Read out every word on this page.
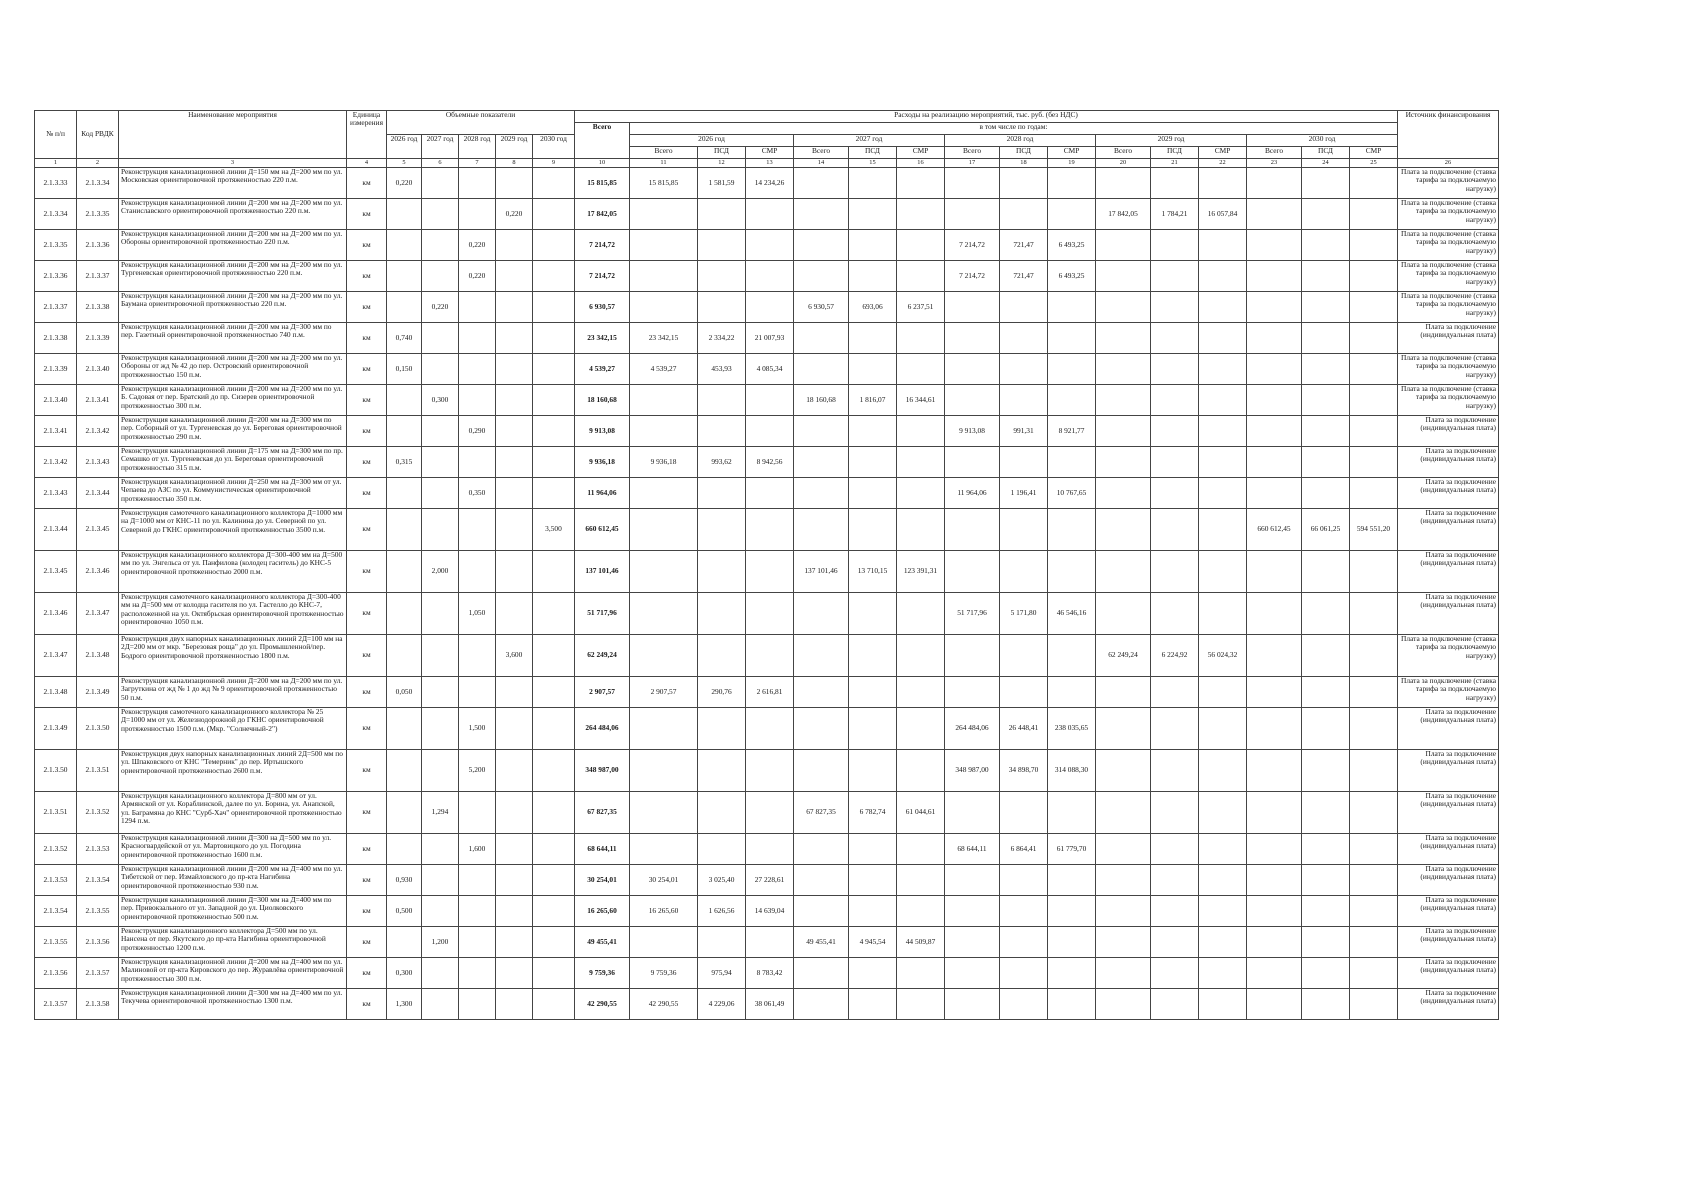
№ п/п	Код РВДК	Наименование мероприятия	Единица измерения	Объемные показатели					Расходы на реализацию мероприятий, тыс. руб. (без НДС)																Источник финансирования
									Всего	в том числе по годам:															
				2026 год	2027 год	2028 год	2029 год	2030 год		2026 год			2027 год			2028 год			2029 год			2030 год			
										Всего	ПСД	СМР	Всего	ПСД	СМР	Всего	ПСД	СМР	Всего	ПСД	СМР	Всего	ПСД	СМР	
1	2	3	4	5	6	7	8	9	10	11	12	13	14	15	16	17	18	19	20	21	22	23	24	25	26
2.1.3.33	2.1.3.34	Реконструкция канализационной линии Д=150 мм на Д=200 мм по ул. Московская ориентировочной протяженностью 220 п.м.	км	0,220					15 815,85	15 815,85	1 581,59	14 234,26													Плата за подключение (ставка тарифа за подключаемую нагрузку)
2.1.3.34	2.1.3.35	Реконструкция канализационной линии Д=200 мм на Д=200 мм по ул. Станиславского ориентировочной протяженностью 220 п.м.	км				0,220		17 842,05										17 842,05	1 784,21	16 057,84				Плата за подключение (ставка тарифа за подключаемую нагрузку)
2.1.3.35	2.1.3.36	Реконструкция канализационной линии Д=200 мм на Д=200 мм по ул. Обороны ориентировочной протяженностью 220 п.м.	км			0,220			7 214,72							7 214,72	721,47	6 493,25							Плата за подключение (ставка тарифа за подключаемую нагрузку)
2.1.3.36	2.1.3.37	Реконструкция канализационной линии Д=200 мм на Д=200 мм по ул. Тургеневская ориентировочной протяженностью 220 п.м.	км			0,220			7 214,72							7 214,72	721,47	6 493,25							Плата за подключение (ставка тарифа за подключаемую нагрузку)
2.1.3.37	2.1.3.38	Реконструкция канализационной линии Д=200 мм на Д=200 мм по ул. Баумана ориентировочной протяженностью 220 п.м.	км		0,220				6 930,57				6 930,57	693,06	6 237,51										Плата за подключение (ставка тарифа за подключаемую нагрузку)
2.1.3.38	2.1.3.39	Реконструкция канализационной линии Д=200 мм на Д=300 мм по пер. Газетный ориентировочной протяженностью 740 п.м.	км	0,740					23 342,15	23 342,15	2 334,22	21 007,93													Плата за подключение (индивидуальная плата)
2.1.3.39	2.1.3.40	Реконструкция канализационной линии Д=200 мм на Д=200 мм по ул. Обороны от жд № 42 до пер. Островский ориентировочной протяженностью 150 п.м.	км	0,150					4 539,27	4 539,27	453,93	4 085,34													Плата за подключение (ставка тарифа за подключаемую нагрузку)
2.1.3.40	2.1.3.41	Реконструкция канализационной линии Д=200 мм на Д=200 мм по ул. Б. Садовая от пер. Братский до пр. Сизерев ориентировочной протяженностью 300 п.м.	км		0,300				18 160,68				18 160,68	1 816,07	16 344,61										Плата за подключение (ставка тарифа за подключаемую нагрузку)
2.1.3.41	2.1.3.42	Реконструкция канализационной линии Д=200 мм на Д=300 мм по пер. Соборный от ул. Тургеневская до ул. Береговая ориентировочной протяженностью 290 п.м.	км			0,290			9 913,08							9 913,08	991,31	8 921,77							Плата за подключение (индивидуальная плата)
2.1.3.42	2.1.3.43	Реконструкция канализационной линии Д=175 мм на Д=300 мм по пр. Семашко от ул. Тургеневская до ул. Береговая ориентировочной протяженностью 315 п.м.	км	0,315					9 936,18	9 936,18	993,62	8 942,56													Плата за подключение (индивидуальная плата)
2.1.3.43	2.1.3.44	Реконструкция канализационной линии Д=250 мм на Д=300 мм от ул. Чепаева до АЗС по ул. Коммунистическая ориентировочной протяженностью 350 п.м.	км			0,350			11 964,06							11 964,06	1 196,41	10 767,65							Плата за подключение (индивидуальная плата)
2.1.3.44	2.1.3.45	Реконструкция самотечного канализационного коллектора Д=1000 мм на Д=1000 мм от КНС-11 по ул. Калинина до ул. Северной по ул. Северной до ГКНС ориентировочной протяженностью 3500 п.м.	км					3,500	660 612,45													660 612,45	66 061,25	594 551,20	Плата за подключение (индивидуальная плата)
2.1.3.45	2.1.3.46	Реконструкция канализационного коллектора Д=300-400 мм на Д=500 мм по ул. Энгельса от ул. Панфилова (колодец гаситель) до КНС-5 ориентировочной протяженностью 2000 п.м.	км		2,000				137 101,46				137 101,46	13 710,15	123 391,31										Плата за подключение (индивидуальная плата)
2.1.3.46	2.1.3.47	Реконструкция самотечного канализационного коллектора Д=300-400 мм на Д=500 мм от колодца гасителя по ул. Гастелло до КНС-7, расположенной на ул. Октябрьская ориентировочной протяженностью ориентировочно 1050 п.м.	км			1,050			51 717,96							51 717,96	5 171,80	46 546,16							Плата за подключение (индивидуальная плата)
2.1.3.47	2.1.3.48	Реконструкция двух напорных канализационных линий 2Д=100 мм на 2Д=200 мм от мкр. "Березовая роща" до ул. Промышленной/пер. Бодрого ориентировочной протяженностью 1800 п.м.	км				3,600		62 249,24										62 249,24	6 224,92	56 024,32				Плата за подключение (ставка тарифа за подключаемую нагрузку)
2.1.3.48	2.1.3.49	Реконструкция канализационной линии Д=200 мм на Д=200 мм по ул. Загруткина от жд № 1 до жд № 9 ориентировочной протяженностью 50 п.м.	км	0,050					2 907,57	2 907,57	290,76	2 616,81													Плата за подключение (ставка тарифа за подключаемую нагрузку)
2.1.3.49	2.1.3.50	Реконструкция самотечного канализационного коллектора № 25 Д=1000 мм от ул. Железнодорожной до ГКНС ориентировочной протяженностью 1500 п.м. (Мкр. "Солнечный-2")	км			1,500			264 484,06							264 484,06	26 448,41	238 035,65							Плата за подключение (индивидуальная плата)
2.1.3.50	2.1.3.51	Реконструкция двух напорных канализационных линий 2Д=500 мм по ул. Шпаковского от КНС "Темерник" до пер. Иртышского ориентировочной протяженностью 2600 п.м.	км			5,200			348 987,00							348 987,00	34 898,70	314 088,30							Плата за подключение (индивидуальная плата)
2.1.3.51	2.1.3.52	Реконструкция канализационного коллектора Д=800 мм от ул. Армянской от ул. Кораблинской, далее по ул. Борина, ул. Анапской, ул. Баграмяна до КНС "Сурб-Хач" ориентировочной протяженностью 1294 п.м.	км		1,294				67 827,35				67 827,35	6 782,74	61 044,61										Плата за подключение (индивидуальная плата)
2.1.3.52	2.1.3.53	Реконструкция канализационной линии Д=300 на Д=500 мм по ул. Красногвардейской от ул. Мартовицкого до ул. Погодина ориентировочной протяженностью 1600 п.м.	км			1,600			68 644,11							68 644,11	6 864,41	61 779,70							Плата за подключение (индивидуальная плата)
2.1.3.53	2.1.3.54	Реконструкция канализационной линии Д=200 мм на Д=400 мм по ул. Тибетской от пер. Измайловского до пр-кта Нагибина ориентировочной протяженностью 930 п.м.	км	0,930					30 254,01	30 254,01	3 025,40	27 228,61													Плата за подключение (индивидуальная плата)
2.1.3.54	2.1.3.55	Реконструкция канализационной линии Д=300 мм на Д=400 мм по пер. Привокзального от ул. Западной до ул. Циолковского ориентировочной протяженностью 500 п.м.	км	0,500					16 265,60	16 265,60	1 626,56	14 639,04													Плата за подключение (индивидуальная плата)
2.1.3.55	2.1.3.56	Реконструкция канализационного коллектора Д=500 мм по ул. Нансена от пер. Якутского до пр-кта Нагибина ориентировочной протяженностью 1200 п.м.	км		1,200				49 455,41				49 455,41	4 945,54	44 509,87										Плата за подключение (индивидуальная плата)
2.1.3.56	2.1.3.57	Реконструкция канализационной линии Д=200 мм на Д=400 мм по ул. Малиновой от пр-кта Кировского до пер. Журавлёва ориентировочной протяженностью 300 п.м.	км	0,300					9 759,36	9 759,36	975,94	8 783,42													Плата за подключение (индивидуальная плата)
2.1.3.57	2.1.3.58	Реконструкция канализационной линии Д=300 мм на Д=400 мм по ул. Текучева ориентировочной протяженностью 1300 п.м.	км	1,300					42 290,55	42 290,55	4 229,06	38 061,49													Плата за подключение (индивидуальная плата)
